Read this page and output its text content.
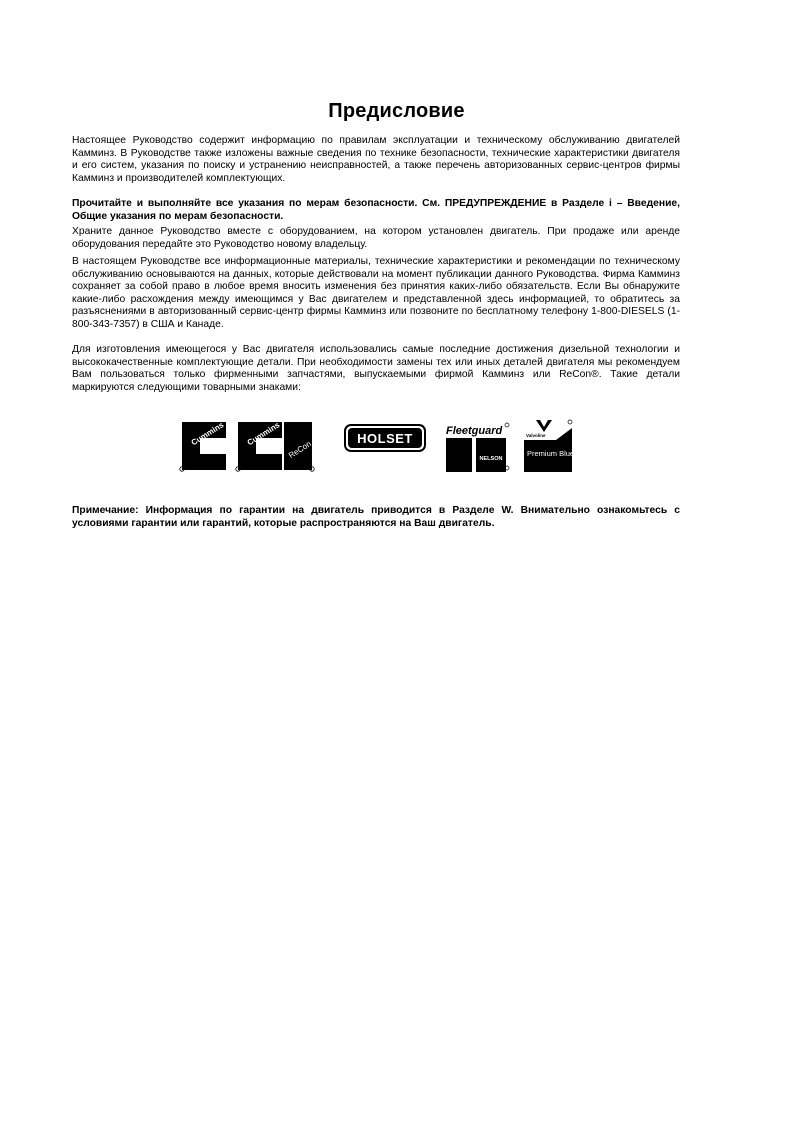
Предисловие

Настоящее Руководство содержит информацию по правилам эксплуатации и техническому обслуживанию двигателей Камминз. В Руководстве также изложены важные сведения по технике безопасности, технические характеристики двигателя и его систем, указания по поиску и устранению неисправностей, а также перечень авторизованных сервис-центров фирмы Камминз и производителей комплектующих.

Прочитайте и выполняйте все указания по мерам безопасности. См. ПРЕДУПРЕЖДЕНИЕ в Разделе i – Введение, Общие указания по мерам безопасности.

Храните данное Руководство вместе с оборудованием, на котором установлен двигатель. При продаже или аренде оборудования передайте это Руководство новому владельцу.

В настоящем Руководстве все информационные материалы, технические характеристики и рекомендации по техническому обслуживанию основываются на данных, которые действовали на момент публикации данного Руководства. Фирма Камминз сохраняет за собой право в любое время вносить изменения без принятия каких-либо обязательств. Если Вы обнаружите какие-либо расхождения между имеющимся у Вас двигателем и представленной здесь информацией, то обратитесь за разъяснениями в авторизованный сервис-центр фирмы Камминз или позвоните по бесплатному телефону 1-800-DIESELS (1-800-343-7357) в США и Канаде.

Для изготовления имеющегося у Вас двигателя использовались самые последние достижения дизельной технологии и высококачественные комплектующие детали. При необходимости замены тех или иных деталей двигателя мы рекомендуем Вам пользоваться только фирменными запчастями, выпускаемыми фирмой Камминз или ReCon®. Такие детали маркируются следующими товарными знаками:

Cummins	Cummins
ReCon
HOLSET	Fleetguard
NELSON
Valvoline
Premium Blue

Примечание: Информация по гарантии на двигатель приводится в Разделе W. Внимательно ознакомьтесь с условиями гарантии или гарантий, которые распространяются на Ваш двигатель.
